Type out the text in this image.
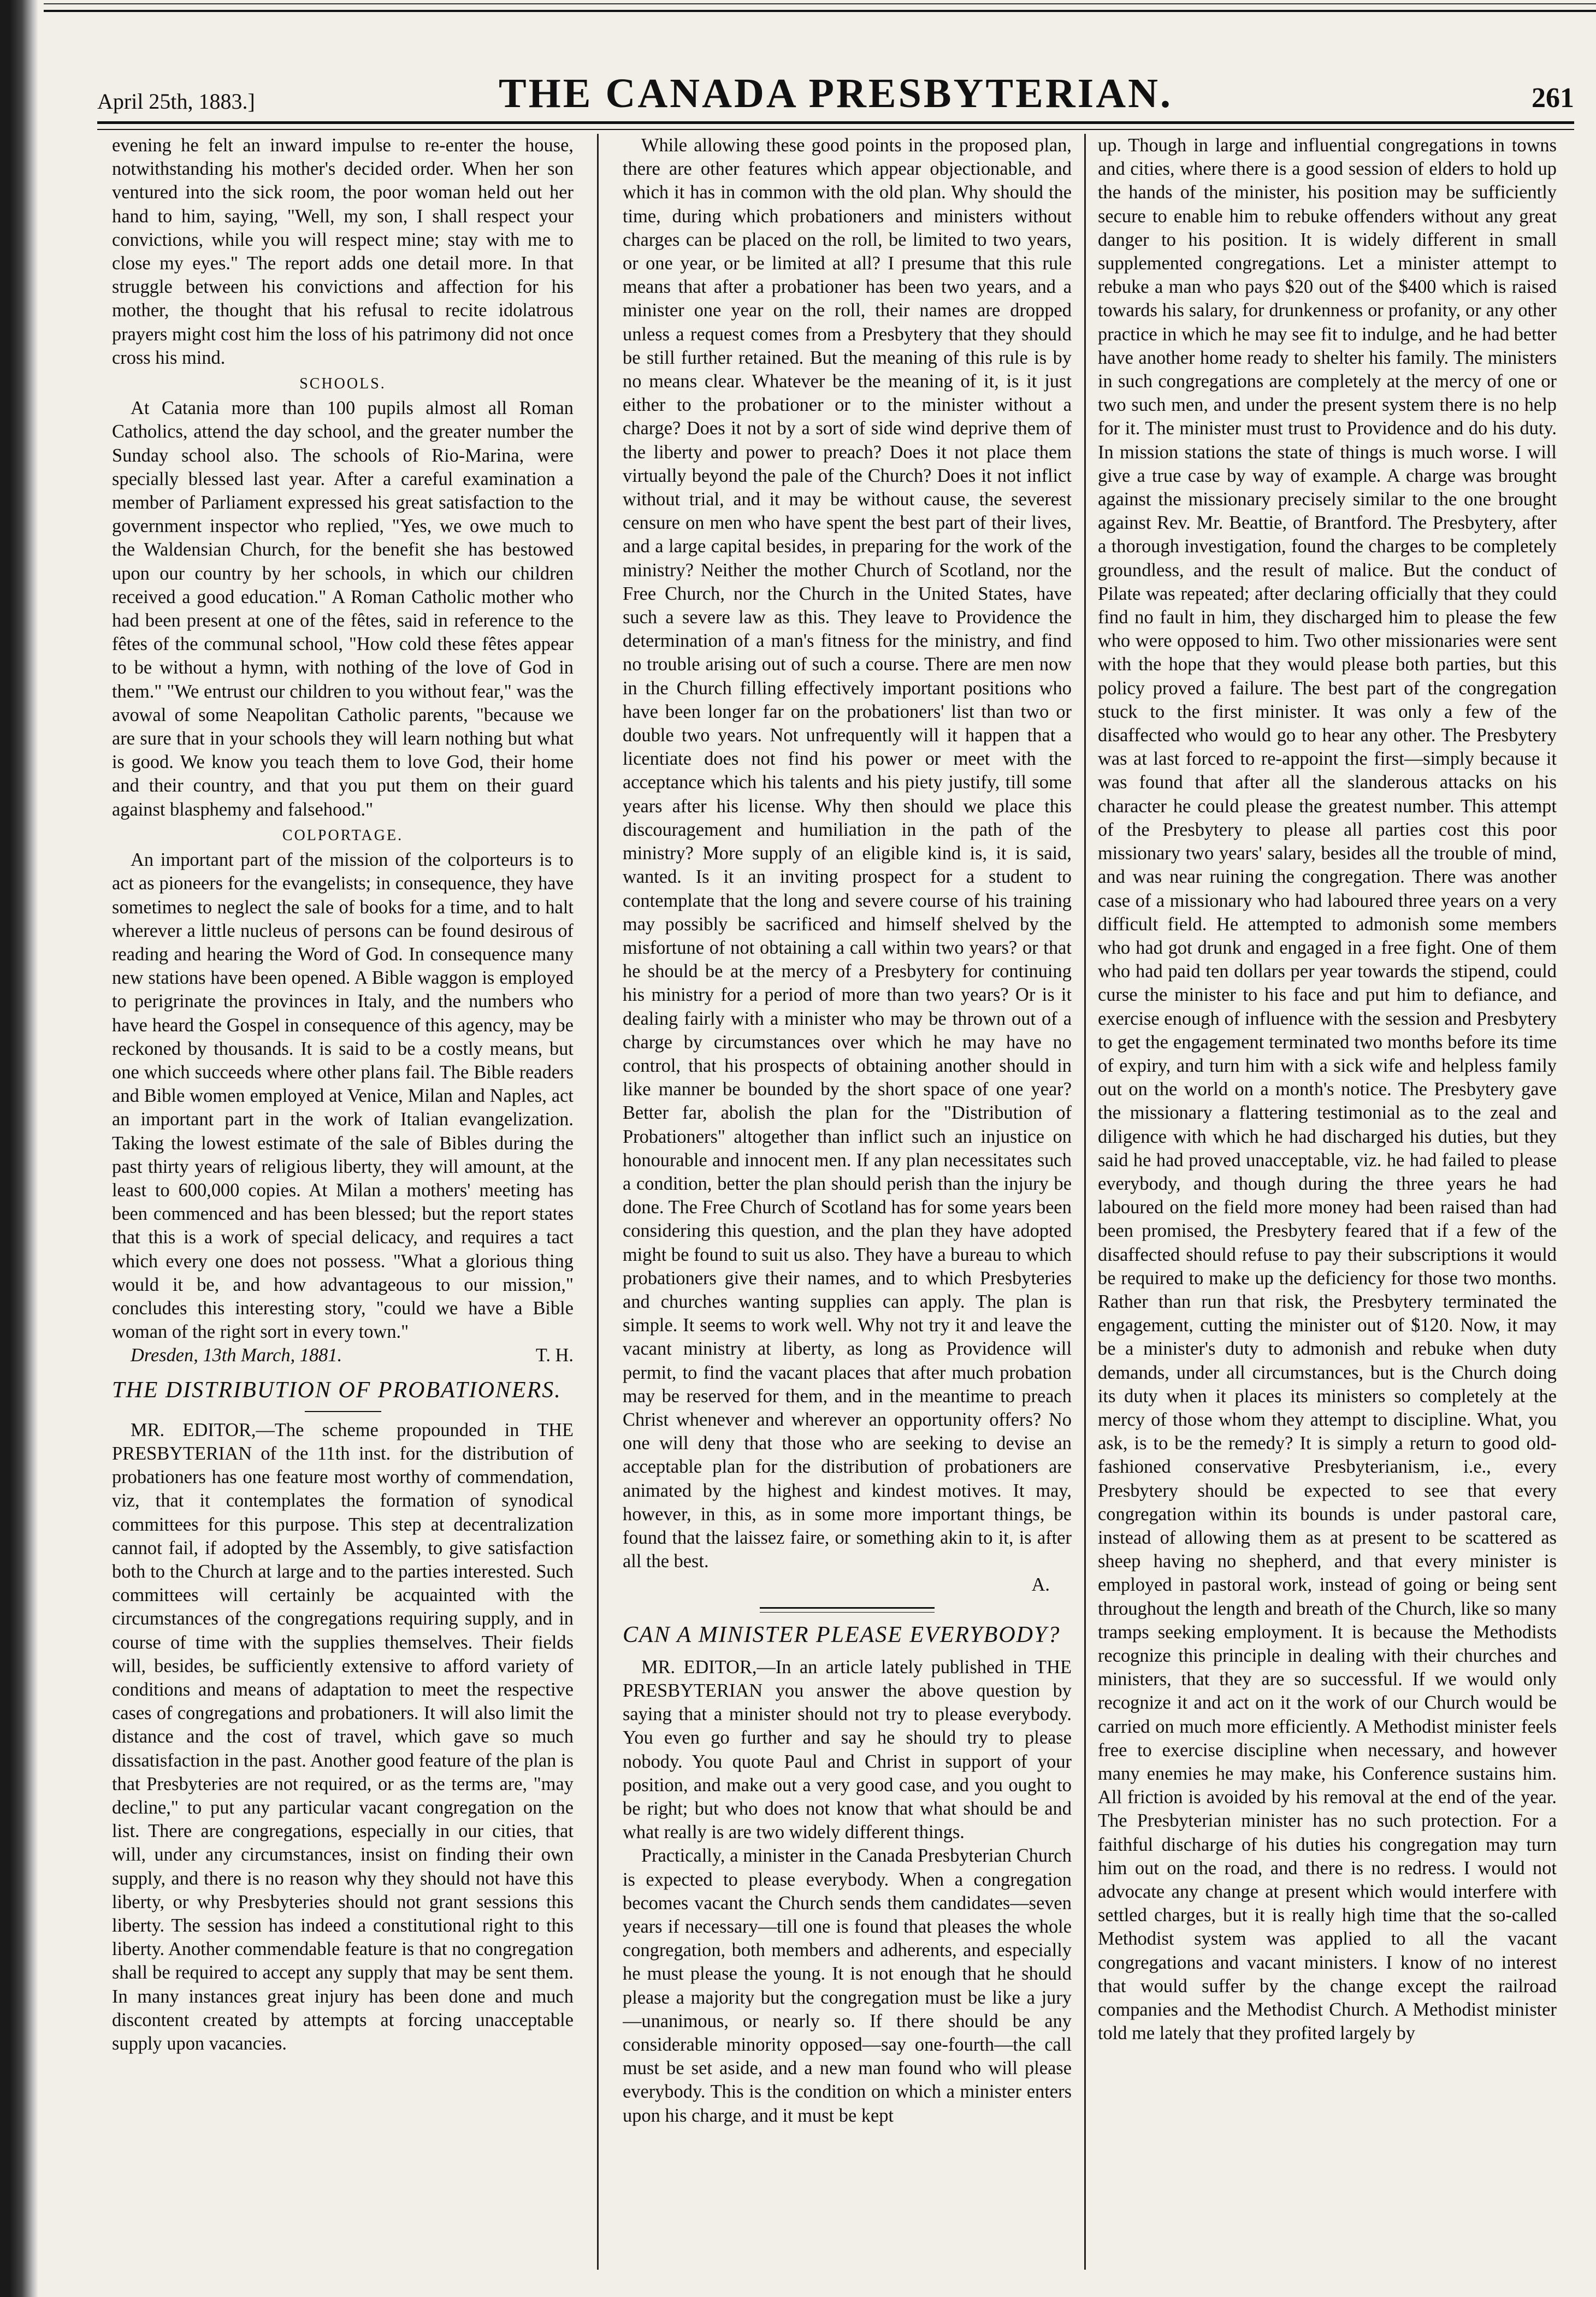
April 25th, 1883.]	THE CANADA PRESBYTERIAN.	261

evening he felt an inward impulse to re-enter the house, notwithstanding his mother's decided order. When her son ventured into the sick room, the poor woman held out her hand to him, saying, "Well, my son, I shall respect your convictions, while you will respect mine; stay with me to close my eyes." The report adds one detail more. In that struggle between his convictions and affection for his mother, the thought that his refusal to recite idolatrous prayers might cost him the loss of his patrimony did not once cross his mind.

SCHOOLS.

At Catania more than 100 pupils almost all Roman Catholics, attend the day school, and the greater number the Sunday school also. The schools of Rio-Marina, were specially blessed last year. After a careful examination a member of Parliament expressed his great satisfaction to the government inspector who replied, "Yes, we owe much to the Waldensian Church, for the benefit she has bestowed upon our country by her schools, in which our children received a good education." A Roman Catholic mother who had been present at one of the fêtes, said in reference to the fêtes of the communal school, "How cold these fêtes appear to be without a hymn, with nothing of the love of God in them." "We entrust our children to you without fear," was the avowal of some Neapolitan Catholic parents, "because we are sure that in your schools they will learn nothing but what is good. We know you teach them to love God, their home and their country, and that you put them on their guard against blasphemy and falsehood."

COLPORTAGE.

An important part of the mission of the colporteurs is to act as pioneers for the evangelists; in consequence, they have sometimes to neglect the sale of books for a time, and to halt wherever a little nucleus of persons can be found desirous of reading and hearing the Word of God. In consequence many new stations have been opened. A Bible waggon is employed to perigrinate the provinces in Italy, and the numbers who have heard the Gospel in consequence of this agency, may be reckoned by thousands. It is said to be a costly means, but one which succeeds where other plans fail. The Bible readers and Bible women employed at Venice, Milan and Naples, act an important part in the work of Italian evangelization. Taking the lowest estimate of the sale of Bibles during the past thirty years of religious liberty, they will amount, at the least to 600,000 copies. At Milan a mothers' meeting has been commenced and has been blessed; but the report states that this is a work of special delicacy, and requires a tact which every one does not possess. "What a glorious thing would it be, and how advantageous to our mission," concludes this interesting story, "could we have a Bible woman of the right sort in every town."

Dresden, 13th March, 1881.	T. H.
THE DISTRIBUTION OF PROBATIONERS.

MR. EDITOR,—The scheme propounded in THE PRESBYTERIAN of the 11th inst. for the distribution of probationers has one feature most worthy of commendation, viz, that it contemplates the formation of synodical committees for this purpose. This step at decentralization cannot fail, if adopted by the Assembly, to give satisfaction both to the Church at large and to the parties interested. Such committees will certainly be acquainted with the circumstances of the congregations requiring supply, and in course of time with the supplies themselves. Their fields will, besides, be sufficiently extensive to afford variety of conditions and means of adaptation to meet the respective cases of congregations and probationers. It will also limit the distance and the cost of travel, which gave so much dissatisfaction in the past. Another good feature of the plan is that Presbyteries are not required, or as the terms are, "may decline," to put any particular vacant congregation on the list. There are congregations, especially in our cities, that will, under any circumstances, insist on finding their own supply, and there is no reason why they should not have this liberty, or why Presbyteries should not grant sessions this liberty. The session has indeed a constitutional right to this liberty. Another commendable feature is that no congregation shall be required to accept any supply that may be sent them. In many instances great injury has been done and much discontent created by attempts at forcing unacceptable supply upon vacancies.

While allowing these good points in the proposed plan, there are other features which appear objectionable, and which it has in common with the old plan. Why should the time, during which probationers and ministers without charges can be placed on the roll, be limited to two years, or one year, or be limited at all? I presume that this rule means that after a probationer has been two years, and a minister one year on the roll, their names are dropped unless a request comes from a Presbytery that they should be still further retained. But the meaning of this rule is by no means clear. Whatever be the meaning of it, is it just either to the probationer or to the minister without a charge? Does it not by a sort of side wind deprive them of the liberty and power to preach? Does it not place them virtually beyond the pale of the Church? Does it not inflict without trial, and it may be without cause, the severest censure on men who have spent the best part of their lives, and a large capital besides, in preparing for the work of the ministry? Neither the mother Church of Scotland, nor the Free Church, nor the Church in the United States, have such a severe law as this. They leave to Providence the determination of a man's fitness for the ministry, and find no trouble arising out of such a course. There are men now in the Church filling effectively important positions who have been longer far on the probationers' list than two or double two years. Not unfrequently will it happen that a licentiate does not find his power or meet with the acceptance which his talents and his piety justify, till some years after his license. Why then should we place this discouragement and humiliation in the path of the ministry? More supply of an eligible kind is, it is said, wanted. Is it an inviting prospect for a student to contemplate that the long and severe course of his training may possibly be sacrificed and himself shelved by the misfortune of not obtaining a call within two years? or that he should be at the mercy of a Presbytery for continuing his ministry for a period of more than two years? Or is it dealing fairly with a minister who may be thrown out of a charge by circumstances over which he may have no control, that his prospects of obtaining another should in like manner be bounded by the short space of one year? Better far, abolish the plan for the "Distribution of Probationers" altogether than inflict such an injustice on honourable and innocent men. If any plan necessitates such a condition, better the plan should perish than the injury be done. The Free Church of Scotland has for some years been considering this question, and the plan they have adopted might be found to suit us also. They have a bureau to which probationers give their names, and to which Presbyteries and churches wanting supplies can apply. The plan is simple. It seems to work well. Why not try it and leave the vacant ministry at liberty, as long as Providence will permit, to find the vacant places that after much probation may be reserved for them, and in the meantime to preach Christ whenever and wherever an opportunity offers? No one will deny that those who are seeking to devise an acceptable plan for the distribution of probationers are animated by the highest and kindest motives. It may, however, in this, as in some more important things, be found that the laissez faire, or something akin to it, is after all the best.

A.
CAN A MINISTER PLEASE EVERYBODY?

MR. EDITOR,—In an article lately published in THE PRESBYTERIAN you answer the above question by saying that a minister should not try to please everybody. You even go further and say he should try to please nobody. You quote Paul and Christ in support of your position, and make out a very good case, and you ought to be right; but who does not know that what should be and what really is are two widely different things.

Practically, a minister in the Canada Presbyterian Church is expected to please everybody. When a congregation becomes vacant the Church sends them candidates—seven years if necessary—till one is found that pleases the whole congregation, both members and adherents, and especially he must please the young. It is not enough that he should please a majority but the congregation must be like a jury—unanimous, or nearly so. If there should be any considerable minority opposed—say one-fourth—the call must be set aside, and a new man found who will please everybody. This is the condition on which a minister enters upon his charge, and it must be kept

up. Though in large and influential congregations in towns and cities, where there is a good session of elders to hold up the hands of the minister, his position may be sufficiently secure to enable him to rebuke offenders without any great danger to his position. It is widely different in small supplemented congregations. Let a minister attempt to rebuke a man who pays $20 out of the $400 which is raised towards his salary, for drunkenness or profanity, or any other practice in which he may see fit to indulge, and he had better have another home ready to shelter his family. The ministers in such congregations are completely at the mercy of one or two such men, and under the present system there is no help for it. The minister must trust to Providence and do his duty. In mission stations the state of things is much worse. I will give a true case by way of example. A charge was brought against the missionary precisely similar to the one brought against Rev. Mr. Beattie, of Brantford. The Presbytery, after a thorough investigation, found the charges to be completely groundless, and the result of malice. But the conduct of Pilate was repeated; after declaring officially that they could find no fault in him, they discharged him to please the few who were opposed to him. Two other missionaries were sent with the hope that they would please both parties, but this policy proved a failure. The best part of the congregation stuck to the first minister. It was only a few of the disaffected who would go to hear any other. The Presbytery was at last forced to re-appoint the first—simply because it was found that after all the slanderous attacks on his character he could please the greatest number. This attempt of the Presbytery to please all parties cost this poor missionary two years' salary, besides all the trouble of mind, and was near ruining the congregation. There was another case of a missionary who had laboured three years on a very difficult field. He attempted to admonish some members who had got drunk and engaged in a free fight. One of them who had paid ten dollars per year towards the stipend, could curse the minister to his face and put him to defiance, and exercise enough of influence with the session and Presbytery to get the engagement terminated two months before its time of expiry, and turn him with a sick wife and helpless family out on the world on a month's notice. The Presbytery gave the missionary a flattering testimonial as to the zeal and diligence with which he had discharged his duties, but they said he had proved unacceptable, viz. he had failed to please everybody, and though during the three years he had laboured on the field more money had been raised than had been promised, the Presbytery feared that if a few of the disaffected should refuse to pay their subscriptions it would be required to make up the deficiency for those two months. Rather than run that risk, the Presbytery terminated the engagement, cutting the minister out of $120. Now, it may be a minister's duty to admonish and rebuke when duty demands, under all circumstances, but is the Church doing its duty when it places its ministers so completely at the mercy of those whom they attempt to discipline. What, you ask, is to be the remedy? It is simply a return to good old-fashioned conservative Presbyterianism, i.e., every Presbytery should be expected to see that every congregation within its bounds is under pastoral care, instead of allowing them as at present to be scattered as sheep having no shepherd, and that every minister is employed in pastoral work, instead of going or being sent throughout the length and breath of the Church, like so many tramps seeking employment. It is because the Methodists recognize this principle in dealing with their churches and ministers, that they are so successful. If we would only recognize it and act on it the work of our Church would be carried on much more efficiently. A Methodist minister feels free to exercise discipline when necessary, and however many enemies he may make, his Conference sustains him. All friction is avoided by his removal at the end of the year. The Presbyterian minister has no such protection. For a faithful discharge of his duties his congregation may turn him out on the road, and there is no redress. I would not advocate any change at present which would interfere with settled charges, but it is really high time that the so-called Methodist system was applied to all the vacant congregations and vacant ministers. I know of no interest that would suffer by the change except the railroad companies and the Methodist Church. A Methodist minister told me lately that they profited largely by
